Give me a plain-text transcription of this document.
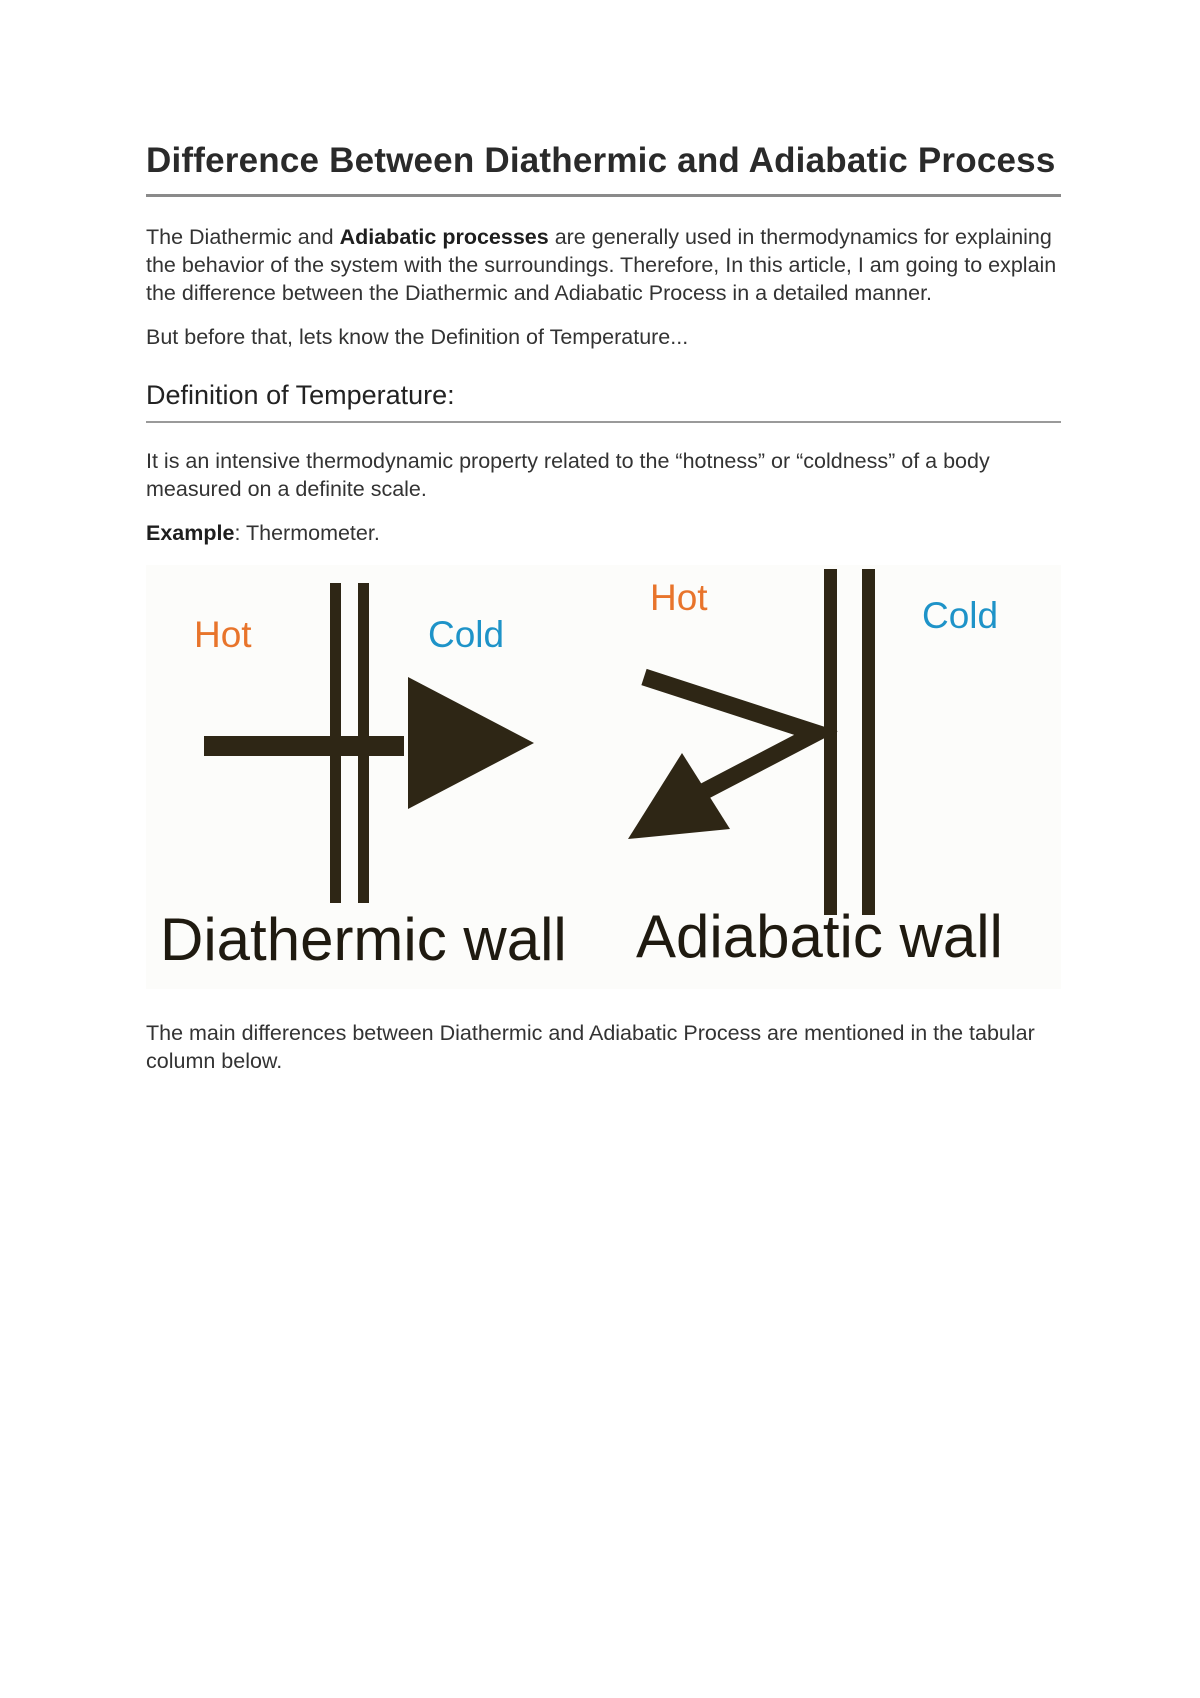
Difference Between Diathermic and Adiabatic Process

The Diathermic and Adiabatic processes are generally used in thermodynamics for explaining the behavior of the system with the surroundings. Therefore, In this article, I am going to explain the difference between the Diathermic and Adiabatic Process in a detailed manner.

But before that, lets know the Definition of Temperature...

Definition of Temperature:

It is an intensive thermodynamic property related to the “hotness” or “coldness” of a body measured on a definite scale.

Example: Thermometer.

Hot	Cold
Diathermic wall
Hot	Cold
Adiabatic wall

The main differences between Diathermic and Adiabatic Process are mentioned in the tabular column below.
